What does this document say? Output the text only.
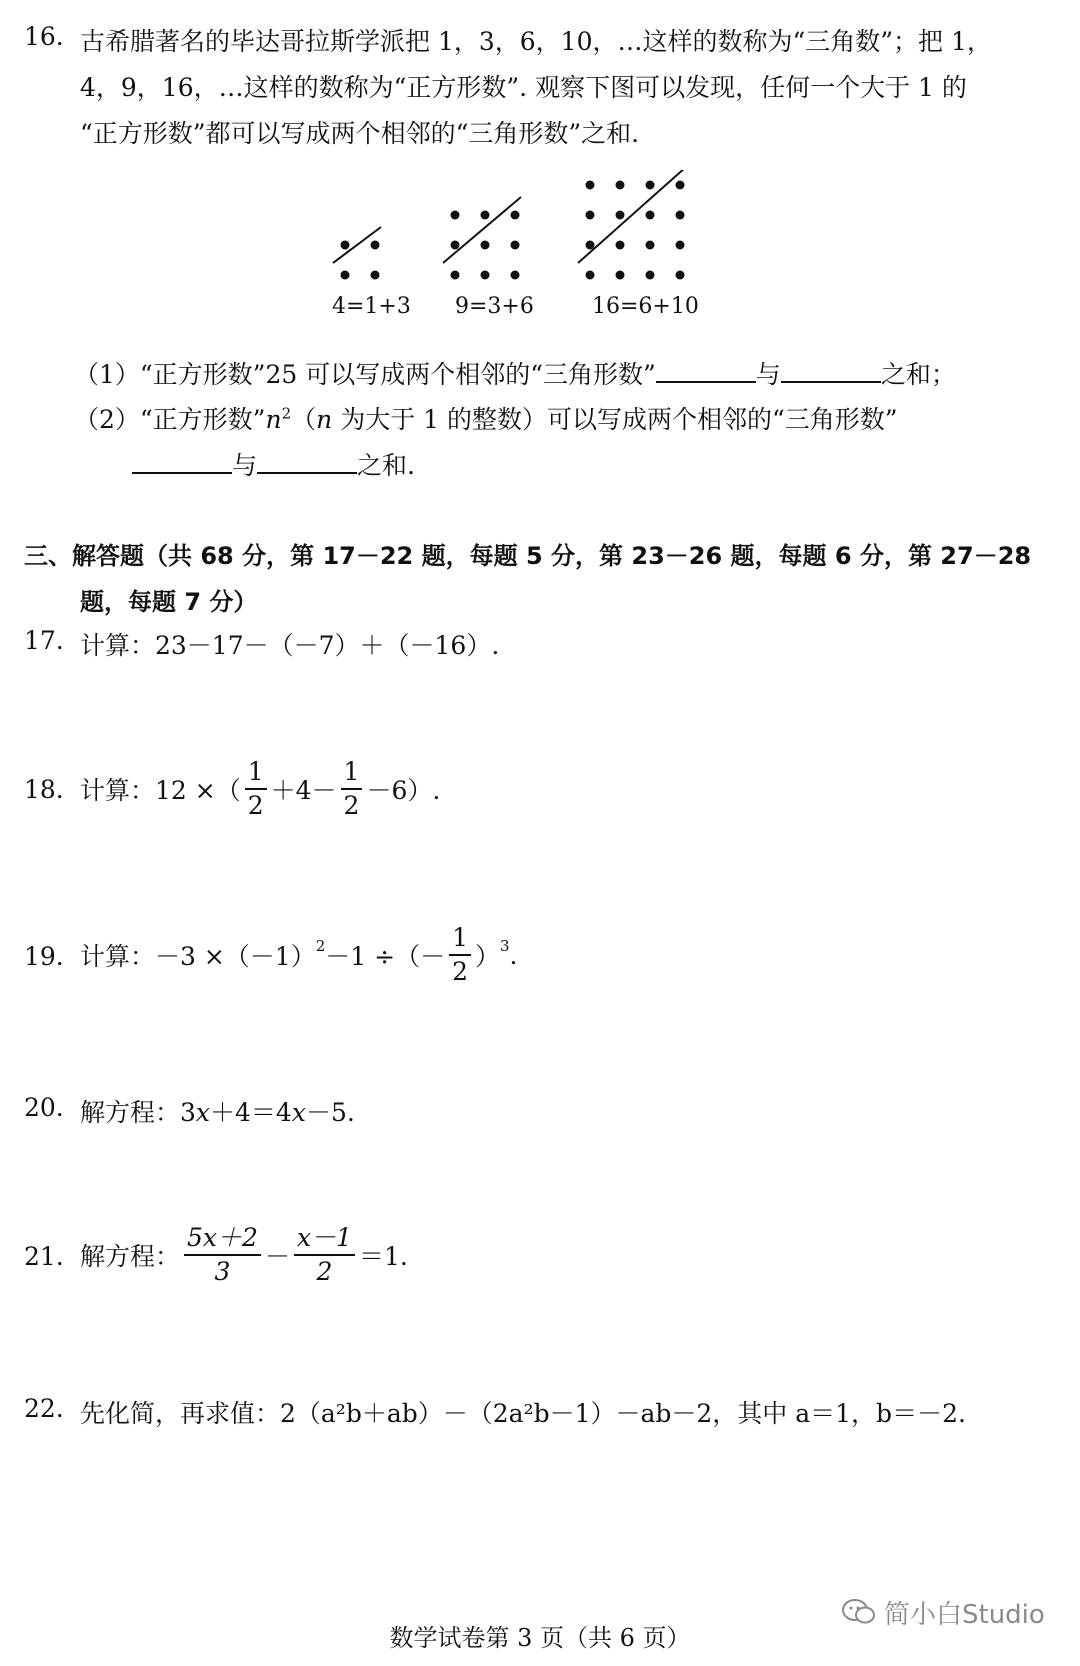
16. 古希腊著名的毕达哥拉斯学派把 1，3，6，10，…这样的数称为“三角数”；把 1，
4，9，16，…这样的数称为“正方形数”. 观察下图可以发现，任何一个大于 1 的
“正方形数”都可以写成两个相邻的“三角形数”之和.
4=1+3 9=3+6	16=6+10
（1）“正方形数”25 可以写成两个相邻的“三角形数”	与	之和；
（2）“正方形数$”n^2(n$ 为大于 1 的整数）可以写成两个相邻的“三角形数”
与	之和.
三、解答题（共 68 分，第 17－22 题，每题 5 分，第 23－26 题，每题 6 分，第 27－28
题，每题 7 分）
17. 计算：23－17－（－7）＋（－16）.
18. 计算：12 ×（ $\frac{1}{2} +4- \frac{1}{2} -6$）.
19. 计算：$-3 \times(-1)^2 -1$ ÷（－ $\frac{1}{2} )^3$ .
20. 解方程：3x＋4＝4x－5.
21. 解方程： $\frac{5x+2}{3} - \frac{x-1}{2} =1$.
22. 先化简，再求值：2（a²b＋ab）－（2a²b－1）－ab－2，其中 a＝1，b＝－2.
简小白Studio
数学试卷第 3 页（共 6 页）
